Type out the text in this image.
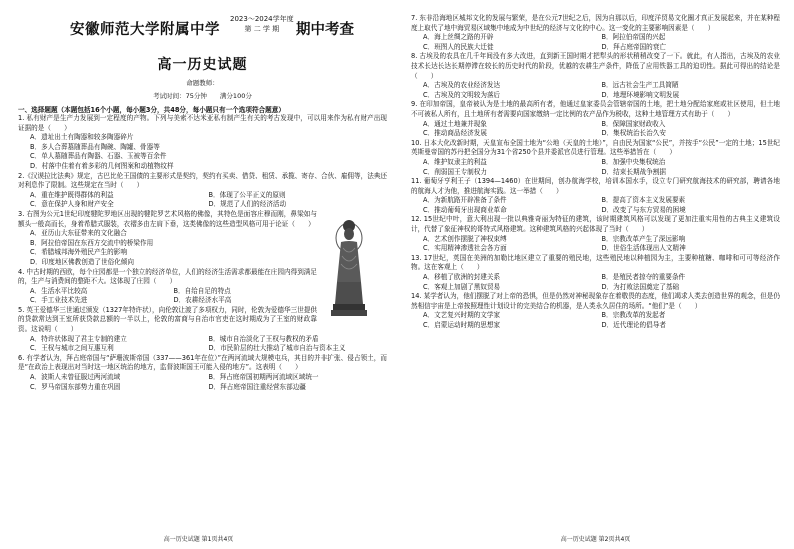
安徽师范大学附属中学
2023～2024学年度
第 二 学 期	期中考查
高一历史试题
命题教师：
考试时间：75分钟　　满分100分
一、选择题题（本题包括16个小题，每小题3分，共48分，每小题只有一个选项符合题意）

1. 私有财产是生产力发展到一定程度的产物。下列与美索不达米亚私有制产生有关的考古发现中，可以用来作为私有财产出现证据的是（　　）

A．遗址出土有陶器和较多陶器碎片
B．多人合葬墓随葬品有陶碗、陶罐、骨器等
C．单人墓随葬品有陶器、石器、玉被等百余件
D．村落中住着有着多彩的几何图案和动植物纹样

2.《汉谟拉比法典》规定，古巴比伦王国债的主要形式是契约，契约有买卖、借贷、租赁、承揽、寄存、合伙、雇佣等，法典还对利息作了限制。这些规定在当时（　　）

A．重在维护既得群体的利益	B．体现了公平正义的原则
C．意在保护人身和财产安全	D．规范了人们的经济活动

3. 右图为公元1世纪印度犍陀罗地区出现的犍陀罗艺术风格的佛像，其特色是面容庄穆而刚，鼻梁如与额头一般高而长，身着希腊式服装，衣褶多由左肩下垂，这类佛像的这些造型风格可用于论证（　　）

A．亚历山大东征带来的文化融合
B．阿拉伯帝国在东西方交流中的桥梁作用
C．希腊城邦海外殖民产生的影响
D．印度地区佛教创造了世俗化倾向

4. 中古时期的西欧，每个庄园都是一个独立的经济单位，人们的经济生活需求都最能在庄园内得到满足的，生产与消费间的整距不大。这体现了庄园（　　）

A．生活水平比较高	B．自给自足的特点
C．手工业技术先进	D．农耕经济水平高

5. 英王爱德华三世通过颁发（1327年特许状），向伦敦让渡了多项权力，同时，伦敦为爱德华三世提供的贷款常达到王室所获贷款总额的一半以上，伦敦的富商与自治市官吏在这时期成为了王室的财政靠资。这说明（　　）

A．特许状体现了君主专制的建立	B．城市自治淡化了王权与教权的矛盾
C．王权与城市之间互惠互利	D．市民阶层的壮大推动了城市自治与资本主义

6. 有学者认为，拜占庭帝国与“萨珊波斯帝国（337——361年在位）”在两河流域大规模屯兵，其目的并非扩张、侵占领土，而是“在政治上表现出对当时这一地区统治的地方，监督波斯国王可能入侵的地方”。这表明（　　）

A．波斯人未曾征服过两河流域	B．拜占庭帝国初期两河流域区域统一
C．罗马帝国东部势力重在巩固	D．拜占庭帝国注重经营东部边疆
高一历史试题 第1页共4页

7. 东非沿海地区城邦文化的发展与繁荣，是在公元7世纪之后，因为自那以后，印度洋贸易文化圈才真正发展起来，并在某种程度上取代了地中海贸易区域集中地成为中世纪的经济与文化的中心。这一变化的主要影响因素是（　　）

A．海上丝绸之路的开辟	B．阿拉伯帝国的兴起
C．班图人的民族大迁徙	D．拜占庭帝国的衰亡

8. 古埃及的农具在几千年间没有多大改进，直到新王国时期才把犁头的形状稍稍改变了一下。就此，有人指出，古埃及的农业技术长达长达长期停滞在较长的历史时代的阶段，优越的农耕生产条件，降低了应用铁器工具的迫切性。据此可得出的结论是（　　）

A．古埃及的农业经济发达	B．远古社会生产工具简陋
C．古埃及的文明较为落后	D．地理环境影响文明发展

9. 在印加帝国，皇帝被认为是土地的最高所有者，他通过皇家委员会管辖帝国的土地，把土地分配给家庭或社区使用，但土地不可被私人所有，且土地所有者需要向国家缴纳一定比例的农产品作为税收，这种土地管理方式有助于（　　）

A．通过土地兼并现象	B．保障国家财政收入
C．推动商品经济发展	D．集权统治长治久安

10. 日本大化改新时期，天皇宣布全国土地为“公地（天皇的土地）”，自由民为国家“公民”，并按手“公民”一定的土地；15世纪英斯曼帝国的苏丹把全国分为31个省250个县并委派官员进行管理。这些举措旨在（　　）

A．维护奴隶主的利益	B．加强中央集权统治
C．削弱国王专制权力	D．结束长期战争割据

11. 葡萄牙亨利王子（1394—1460）在世期间，创办航海学校，培训本国水手，设立专门研究航海技术的研究部，聘请各地的航海人才为他，推进航海实践。这一举措（　　）

A．为新航路开辟准备了条件	B．提高了资本主义发展要素
C．推动葡萄牙出现商业革命	D．改变了与东方贸易的困境

12. 15世纪中叶，意大利出现一批以典雅奇丽为特征的建筑，该时期建筑风格可以发现了更加注重实用性的古典主义建筑设计，代替了象征神权的哥特式风格建筑。这种建筑风格的兴起体现了当时（　　）

A．艺术创作摆脱了神权束缚	B．宗教改革产生了深远影响
C．实用精神渗透社会各方面	D．世俗生活体现出人文精神

13. 17世纪，英国在美洲的加勒比地区建立了重要的殖民地，这些殖民地以种植园为主，主要种植糖、咖啡和可可等经济作物。这在客观上（　　）

A．移植了欧洲的封建关系	B．是殖民者掠夺的重要条件
C．客观上加剧了黑奴贸易	D．为打败法国奠定了基础

14. 某学者认为，他们摆脱了对上帝的恐惧，但是仍然对神秘现象存在着敬畏的态度，他们竭求人类去创造世界的观念，但是仍然相信宇宙是上帝按照理性计划设计的完美结合的机器，是人类永久居住的场所。“他们”是（　　）

A．文艺复兴时期的文学家	B．宗教改革的发起者
C．启蒙运动时期的思想家	D．近代理论的倡导者
高一历史试题 第2页共4页
